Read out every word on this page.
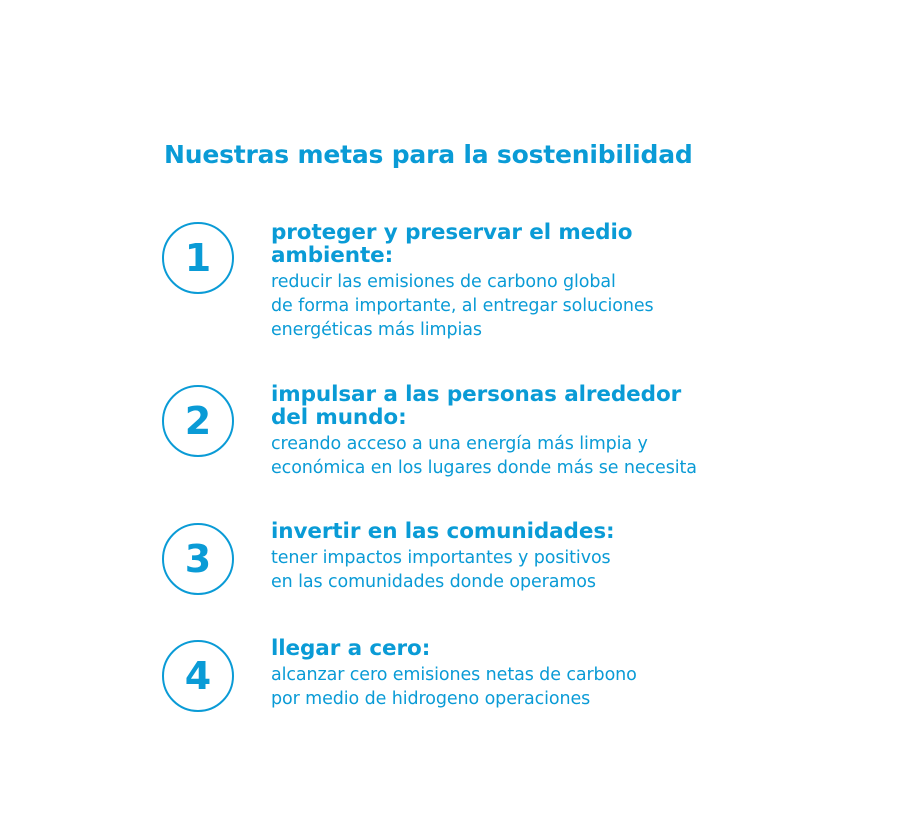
Nuestras metas para la sostenibilidad
1

proteger y preservar el medio
ambiente:

reducir las emisiones de carbono global
de forma importante, al entregar soluciones
energéticas más limpias

2

impulsar a las personas alrededor
del mundo:

creando acceso a una energía más limpia y
económica en los lugares donde más se necesita

3

invertir en las comunidades:

tener impactos importantes y positivos
en las comunidades donde operamos

4

llegar a cero:

alcanzar cero emisiones netas de carbono
por medio de hidrogeno operaciones
